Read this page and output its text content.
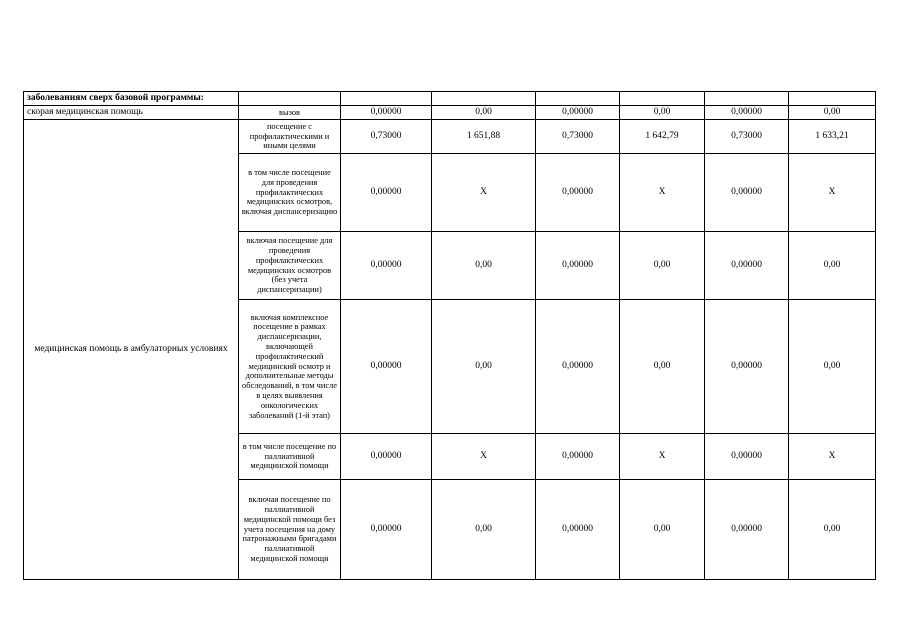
заболеваниям сверх базовой программы:							
скорая медицинская помощь	вызов	0,00000	0,00	0,00000	0,00	0,00000	0,00
медицинская помощь в амбулаторных условиях	посещение с профилактическими и иными целями	0,73000	1 651,88	0,73000	1 642,79	0,73000	1 633,21
	в том числе посещение для проведения профилактических медицинских осмотров, включая диспансеризацию	0,00000	X	0,00000	X	0,00000	X
	включая посещение для проведения профилактических медицинских осмотров (без учета диспансеризации)	0,00000	0,00	0,00000	0,00	0,00000	0,00
	включая комплексное посещение в рамках диспансеризации, включающей профилактический медицинский осмотр и дополнительные методы обследований, в том числе в целях выявления онкологических заболеваний (1-й этап)	0,00000	0,00	0,00000	0,00	0,00000	0,00
	в том числе посещение по паллиативной медицинской помощи	0,00000	X	0,00000	X	0,00000	X
	включая посещение по паллиативной медицинской помощи без учета посещения на дому патронажными бригадами паллиативной медицинской помощи	0,00000	0,00	0,00000	0,00	0,00000	0,00
